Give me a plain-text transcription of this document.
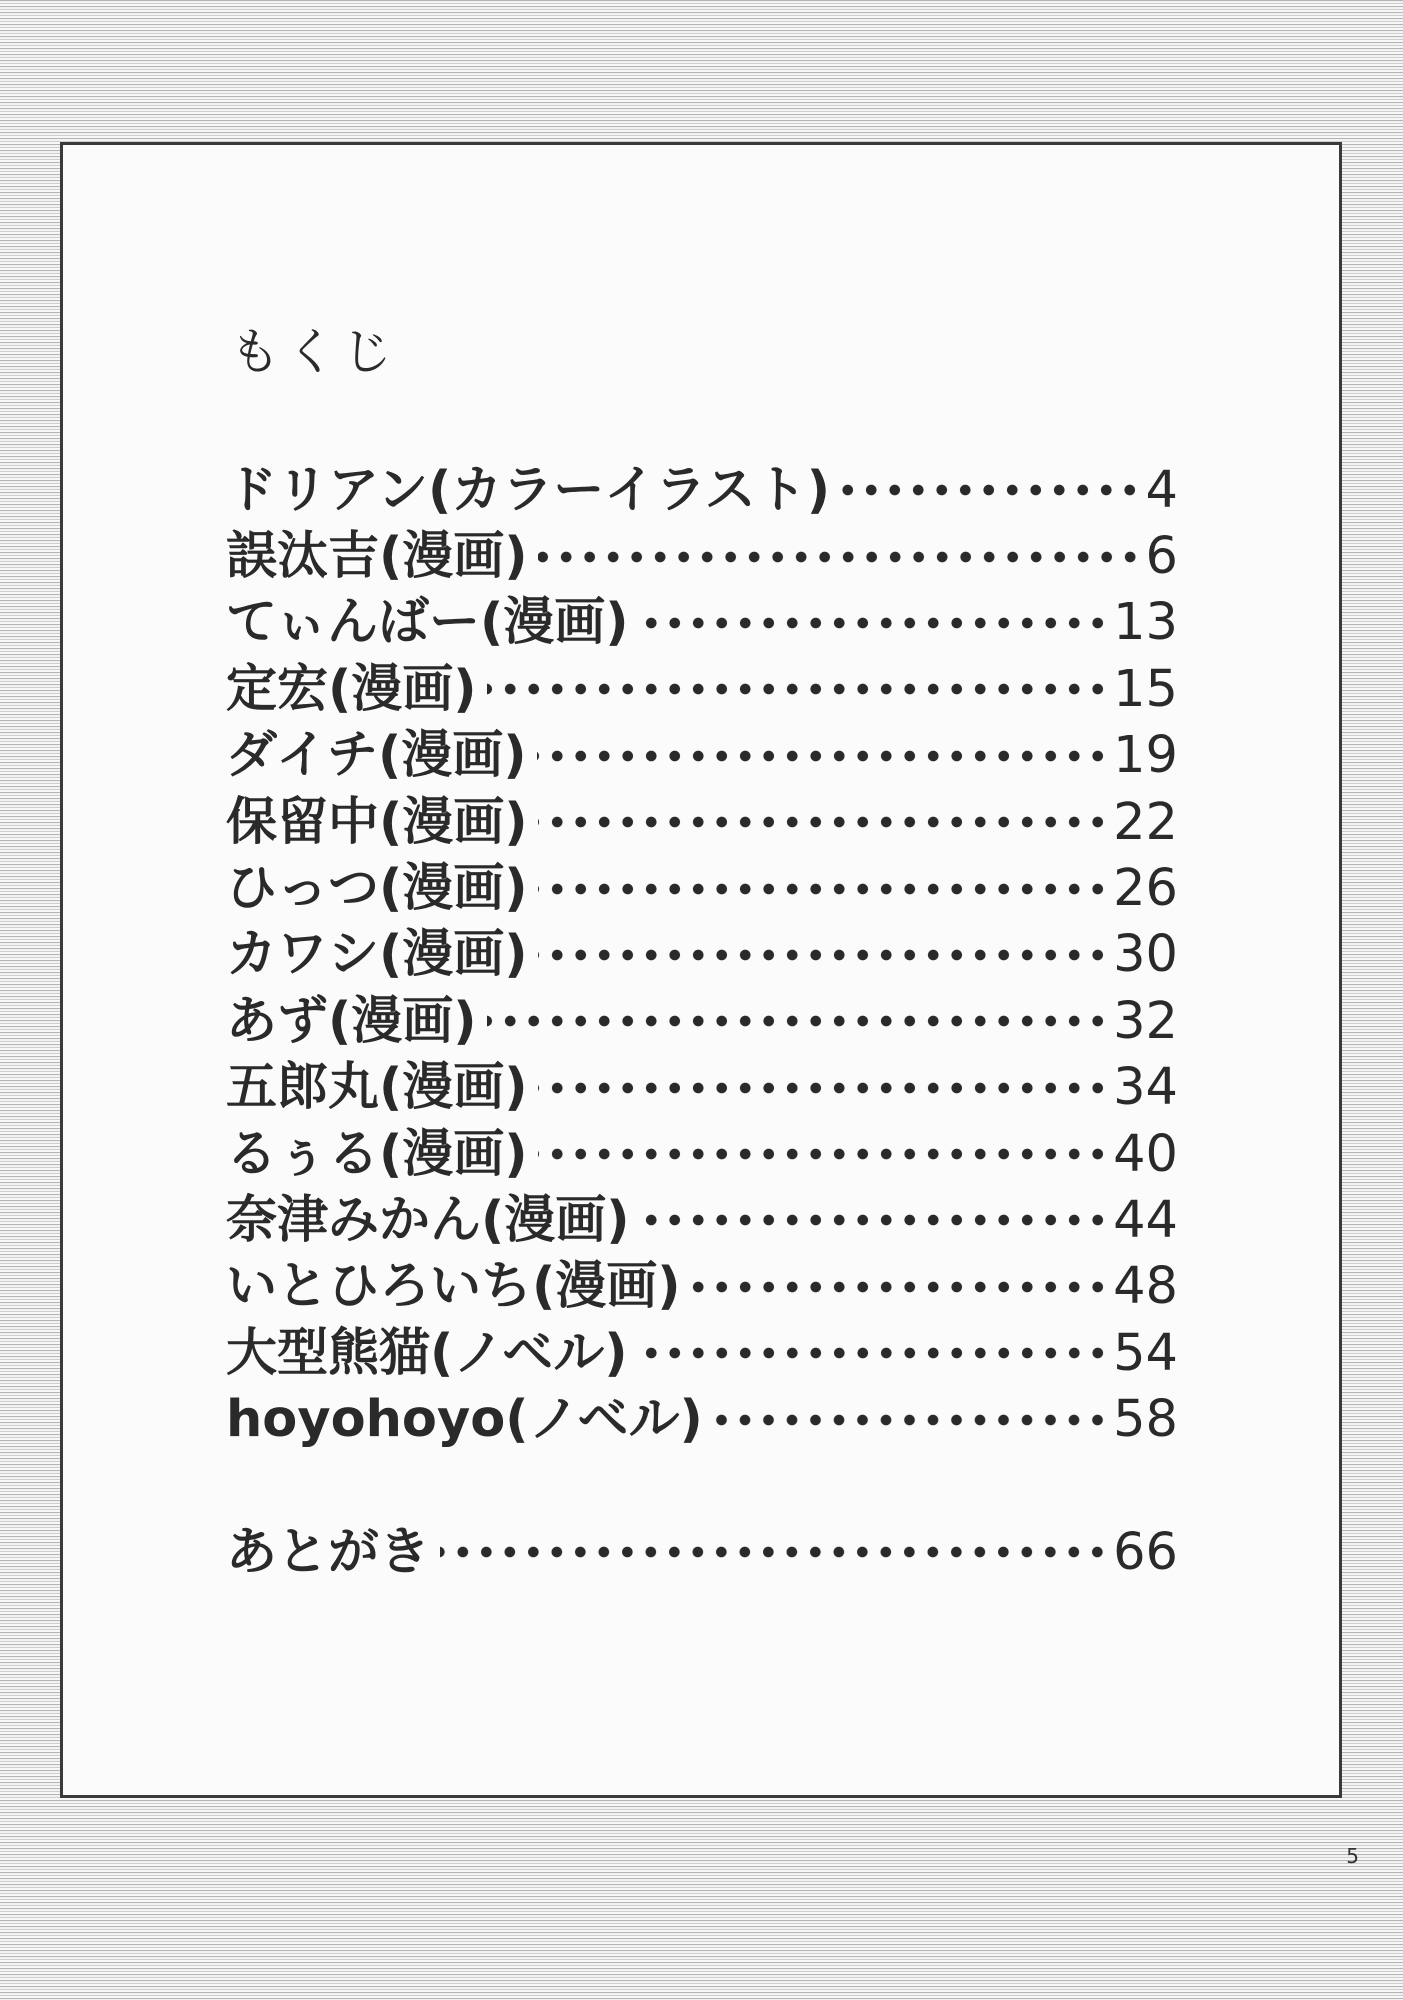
もくじ
ドリアン(カラーイラスト)	4
誤汰吉(漫画)	6
てぃんばー(漫画)	13
定宏(漫画)	15
ダイチ(漫画)	19
保留中(漫画)	22
ひっつ(漫画)	26
カワシ(漫画)	30
あず(漫画)	32
五郎丸(漫画)	34
るぅる(漫画)	40
奈津みかん(漫画)	44
いとひろいち(漫画)	48
大型熊猫(ノベル)	54
hoyohoyo(ノベル)	58
あとがき	66
5
